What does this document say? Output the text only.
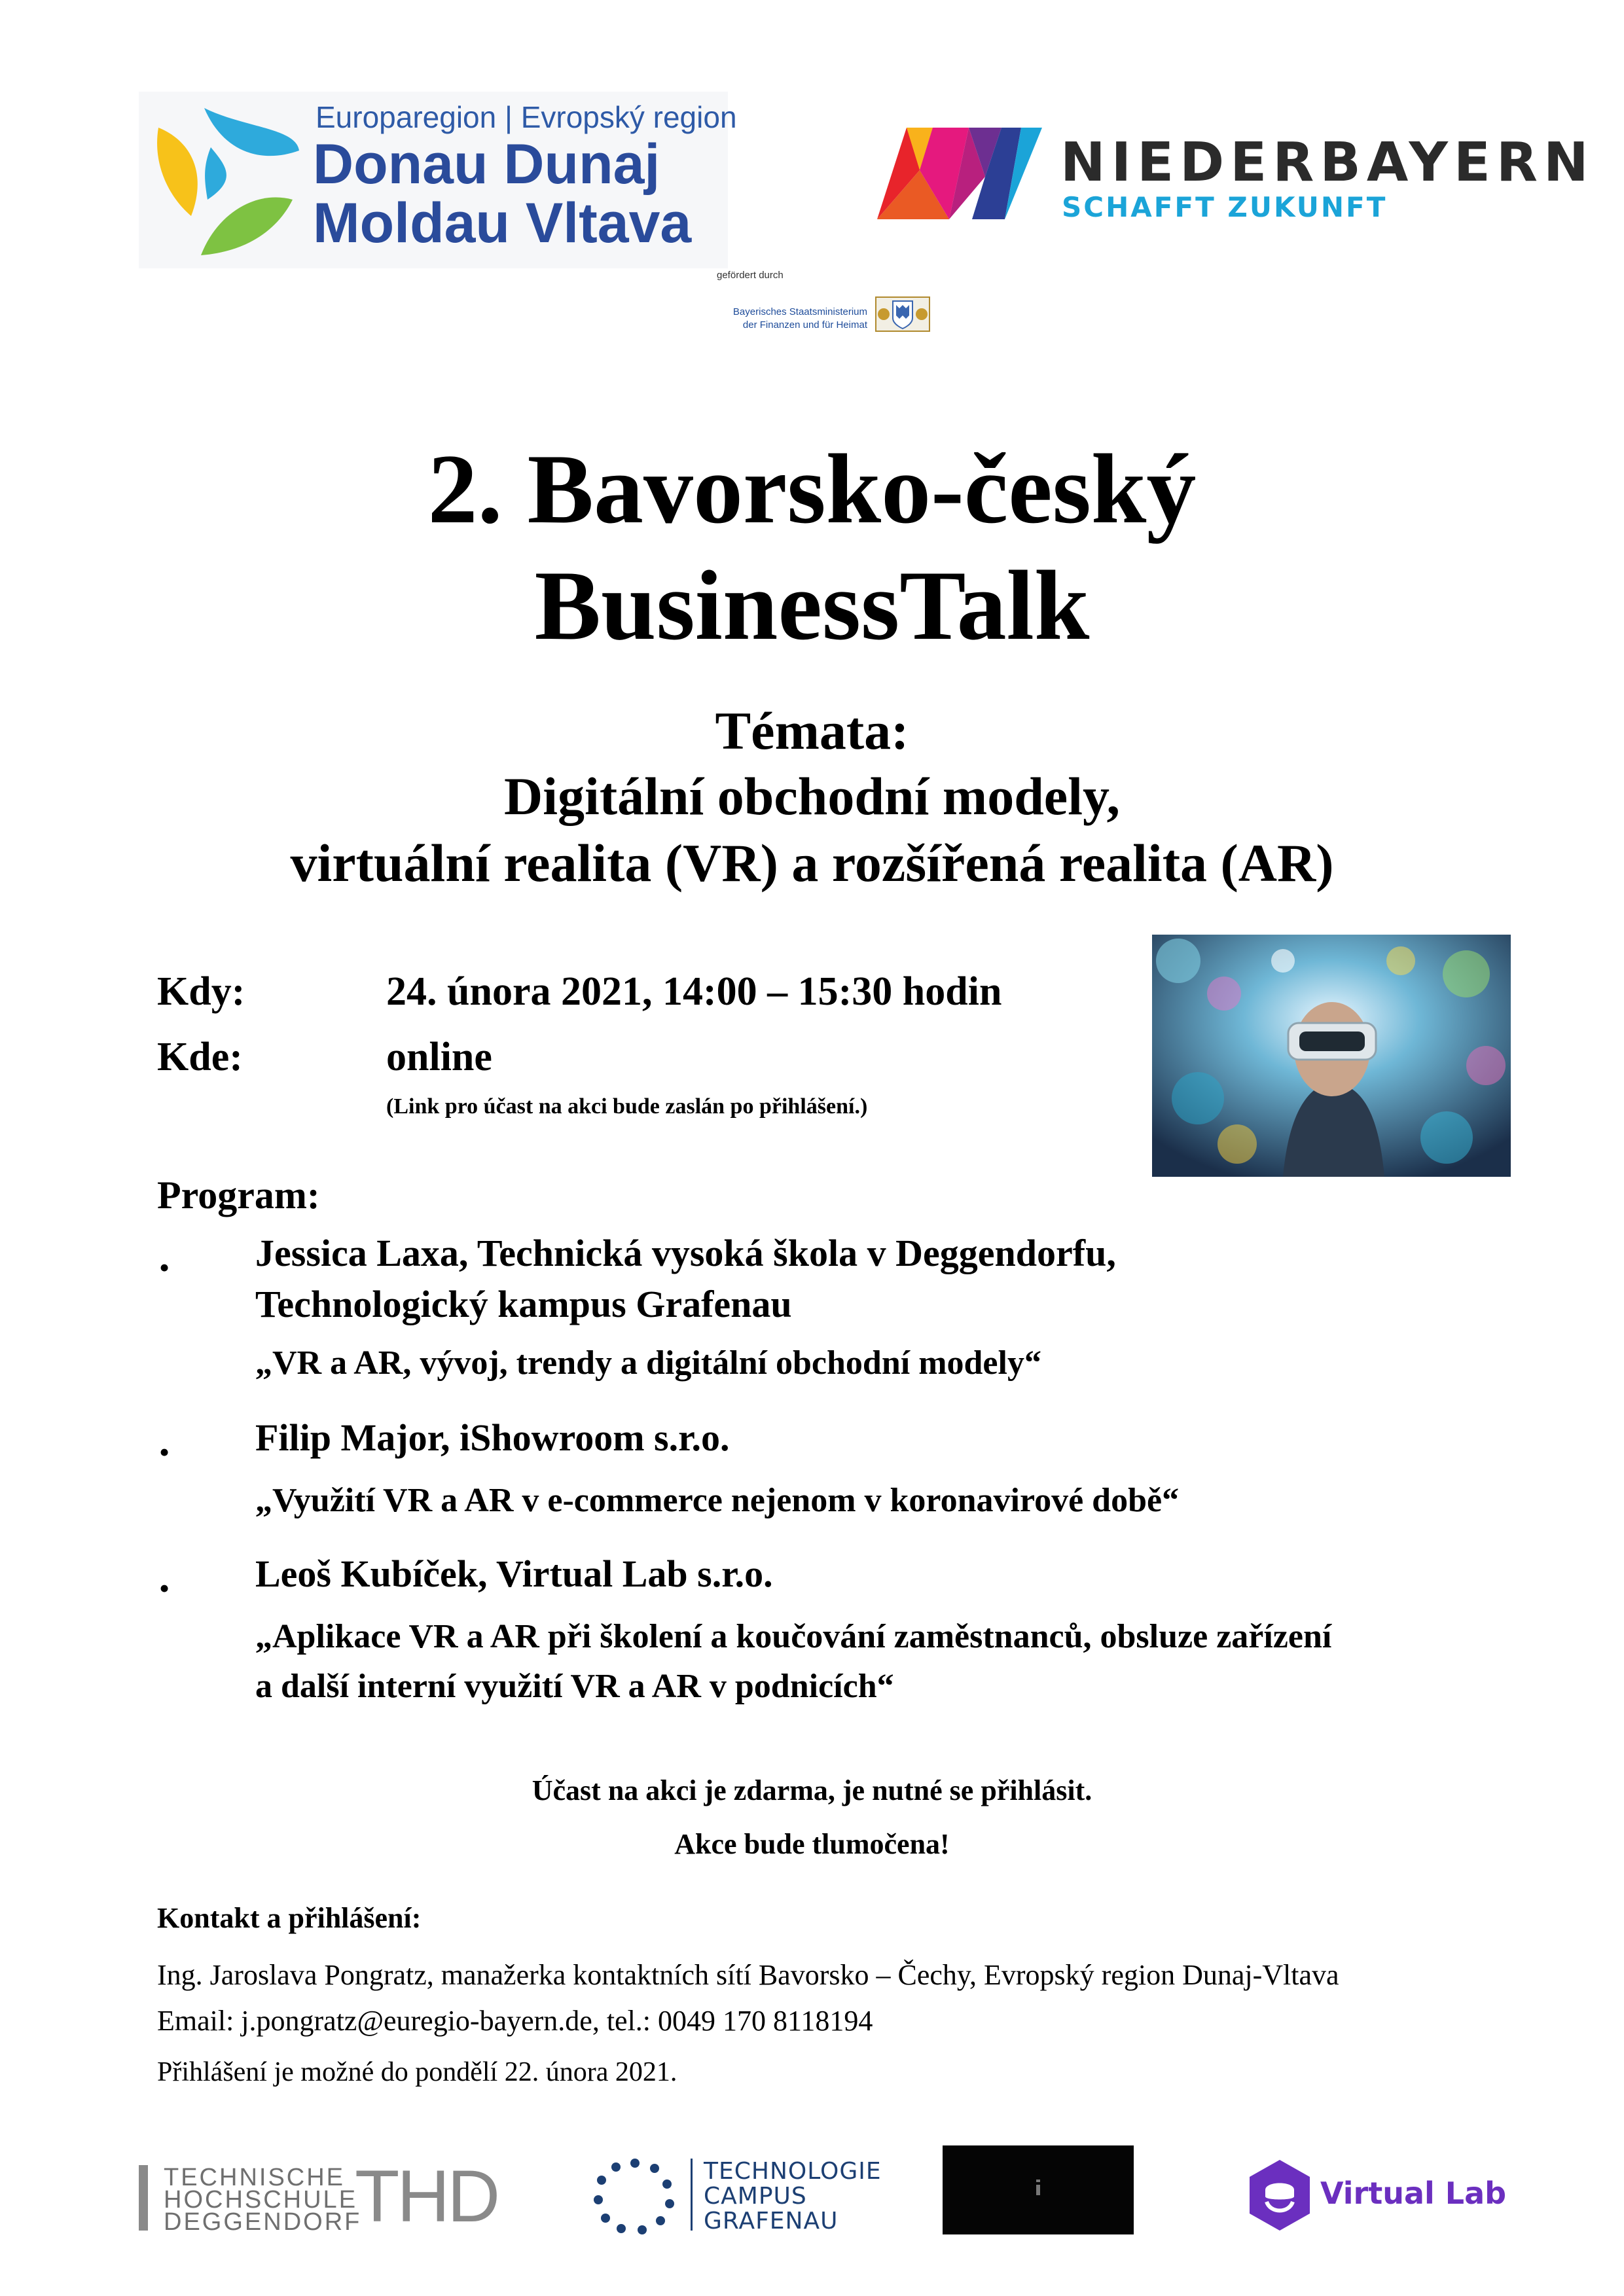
Europaregion | Evropský region
Donau Dunaj
Moldau Vltava
NIEDERBAYERN
SCHAFFT ZUKUNFT
gefördert durch
Bayerisches Staatsministerium
der Finanzen und für Heimat
2. Bavorsko-český
BusinessTalk
Témata:
Digitální obchodní modely,
virtuální realita (VR) a rozšířená realita (AR)
Kdy:	24. února 2021, 14:00 – 15:30 hodin
Kde:	online
(Link pro účast na akci bude zaslán po přihlášení.)
Program:
• Jessica Laxa, Technická vysoká škola v Deggendorfu,
Technologický kampus Grafenau
„VR a AR, vývoj, trendy a digitální obchodní modely“
• Filip Major, iShowroom s.r.o.
„Využití VR a AR v e-commerce nejenom v koronavirové době“
• Leoš Kubíček, Virtual Lab s.r.o.
„Aplikace VR a AR při školení a koučování zaměstnanců, obsluze zařízení
a další interní využití VR a AR v podnicích“
Účast na akci je zdarma, je nutné se přihlásit.
Akce bude tlumočena!
Kontakt a přihlášení:
Ing. Jaroslava Pongratz, manažerka kontaktních sítí Bavorsko – Čechy, Evropský region Dunaj-Vltava
Email: j.pongratz@euregio-bayern.de, tel.: 0049 170 8118194
Přihlášení je možné do pondělí 22. února 2021.
TECHNISCHE
HOCHSCHULE
DEGGENDORF
THD	TECHNOLOGIE
CAMPUS
GRAFENAU
Virtual Lab
